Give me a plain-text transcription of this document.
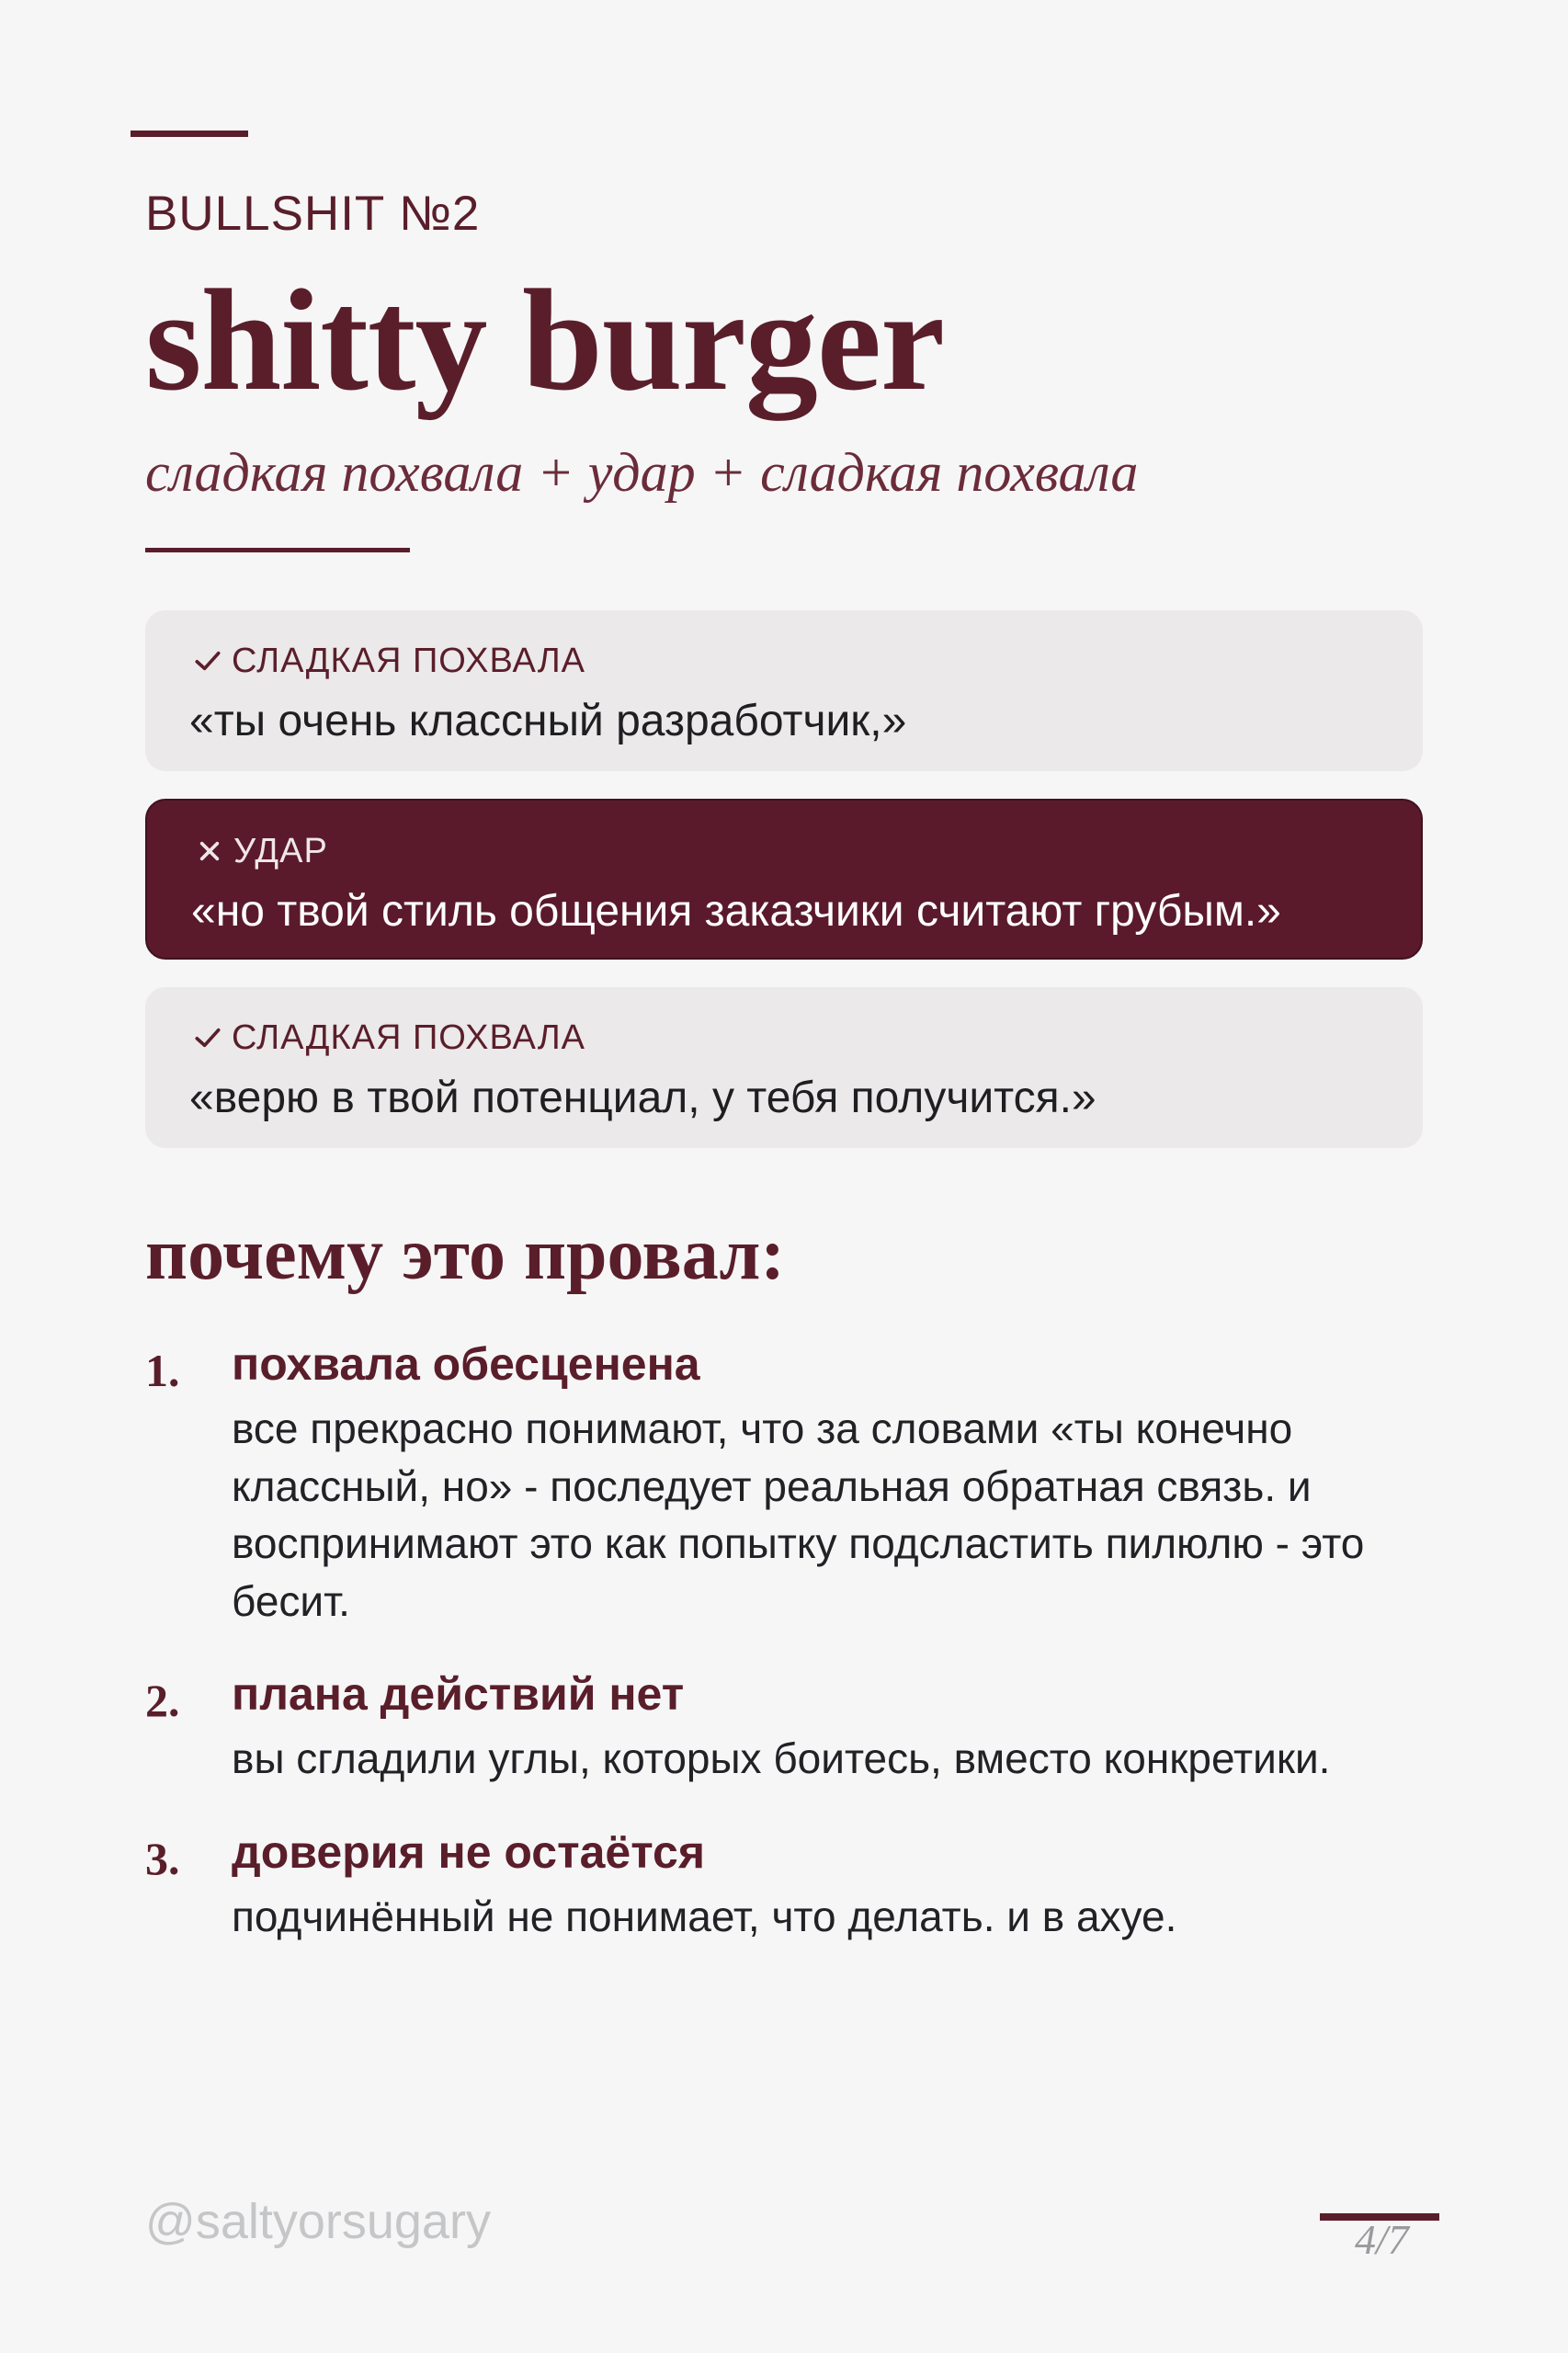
BULLSHIT №2
shitty burger
сладкая похвала + удар + сладкая похвала
СЛАДКАЯ ПОХВАЛА
«ты очень классный разработчик,»
УДАР
«но твой стиль общения заказчики считают грубым.»
СЛАДКАЯ ПОХВАЛА
«верю в твой потенциал, у тебя получится.»
почему это провал:
1. похвала обесценена
все прекрасно понимают, что за словами «ты конечно классный, но» - последует реальная обратная связь. и воспринимают это как попытку подсластить пилюлю - это бесит.
2. плана действий нет
вы сгладили углы, которых боитесь, вместо конкретики.
3. доверия не остаётся
подчинённый не понимает, что делать. и в ахуе.
@saltyorsugary	4/7
